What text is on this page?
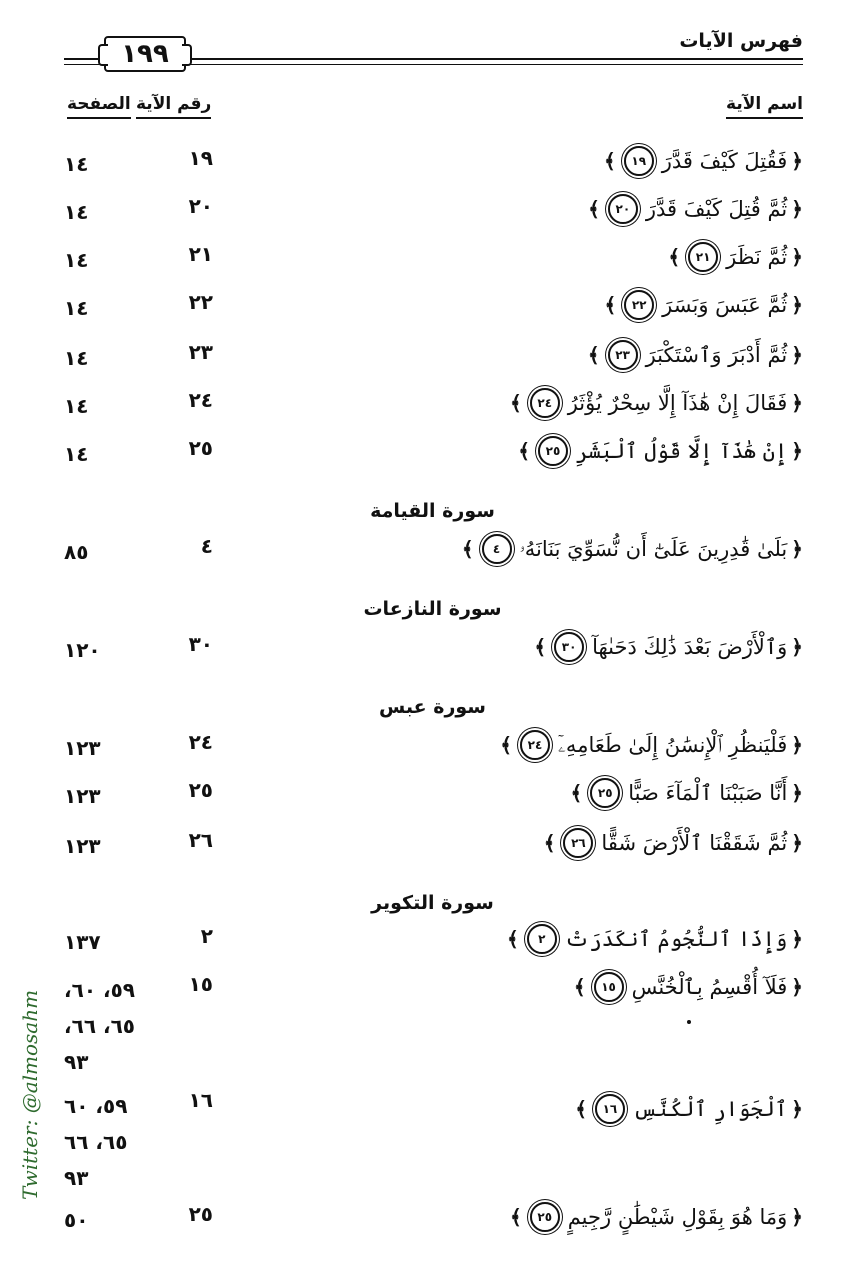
فهرس الآيات
١٩٩
اسم الآية
رقم الآية
الصفحة
﴿
فَقُتِلَ كَيْفَ قَدَّرَ
١٩
﴾
١٩
١٤
﴿
ثُمَّ قُتِلَ كَيْفَ قَدَّرَ
٢٠
﴾
٢٠
١٤
﴿
ثُمَّ نَظَرَ
٢١
﴾
٢١
١٤
﴿
ثُمَّ عَبَسَ وَبَسَرَ
٢٢
﴾
٢٢
١٤
﴿
ثُمَّ أَدْبَرَ وَٱسْتَكْبَرَ
٢٣
﴾
٢٣
١٤
﴿
فَقَالَ إِنْ هَٰذَآ إِلَّا سِحْرٌ يُؤْثَرُ
٢٤
﴾
٢٤
١٤
﴿
إِنْ هَٰذَآ إِلَّا قَوْلُ ٱلْبَشَرِ
٢٥
﴾
٢٥
١٤
سورة القيامة
﴿
بَلَىٰ قَٰدِرِينَ عَلَىٰٓ أَن نُّسَوِّيَ بَنَانَهُۥ
٤
﴾
٤
٨٥
سورة النازعات
﴿
وَٱلْأَرْضَ بَعْدَ ذَٰلِكَ دَحَىٰهَآ
٣٠
﴾
٣٠
١٢٠
سورة عبس
﴿
فَلْيَنظُرِ ٱلْإِنسَٰنُ إِلَىٰ طَعَامِهِۦٓ
٢٤
﴾
٢٤
١٢٣
﴿
أَنَّا صَبَبْنَا ٱلْمَآءَ صَبًّا
٢٥
﴾
٢٥
١٢٣
﴿
ثُمَّ شَقَقْنَا ٱلْأَرْضَ شَقًّا
٢٦
﴾
٢٦
١٢٣
سورة التكوير
﴿
وَإِذَا ٱلنُّجُومُ ٱنكَدَرَتْ
٢
﴾
٢
١٣٧
﴿
فَلَآ أُقْسِمُ بِٱلْخُنَّسِ
١٥
﴾
١٥
٥٩، ٦٠،
٦٥، ٦٦،
٩٣
﴿
ٱلْجَوَارِ ٱلْكُنَّسِ
١٦
﴾
١٦
٥٩، ٦٠
٦٥، ٦٦
٩٣
﴿
وَمَا هُوَ بِقَوْلِ شَيْطَٰنٍ رَّجِيمٍ
٢٥
﴾
٢٥
٥٠
Twitter: @almosahm
